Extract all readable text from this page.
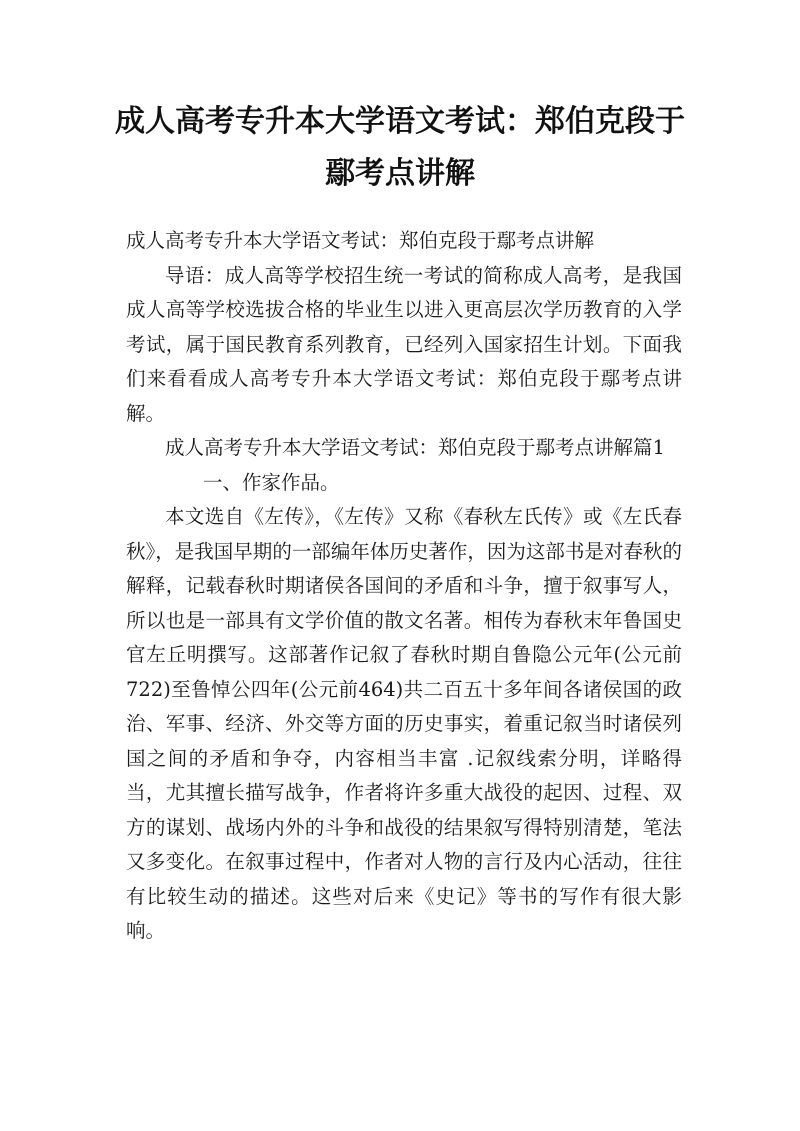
成人高考专升本大学语文考试：郑伯克段于
鄢考点讲解

成人高考专升本大学语文考试：郑伯克段于鄢考点讲解

导语：成人高等学校招生统一考试的简称成人高考，是我国成人高等学校选拔合格的毕业生以进入更高层次学历教育的入学考试，属于国民教育系列教育，已经列入国家招生计划。下面我们来看看成人高考专升本大学语文考试：郑伯克段于鄢考点讲解。

成人高考专升本大学语文考试：郑伯克段于鄢考点讲解篇1一、作家作品。

本文选自《左传》，《左传》又称《春秋左氏传》或《左氏春秋》，是我国早期的一部编年体历史著作，因为这部书是对春秋的解释，记载春秋时期诸侯各国间的矛盾和斗争，擅于叙事写人，所以也是一部具有文学价值的散文名著。相传为春秋末年鲁国史官左丘明撰写。这部著作记叙了春秋时期自鲁隐公元年(公元前722)至鲁悼公四年(公元前464)共二百五十多年间各诸侯国的政治、军事、经济、外交等方面的历史事实，着重记叙当时诸侯列国之间的矛盾和争夺，内容相当丰富 .记叙线索分明，详略得当，尤其擅长描写战争，作者将许多重大战役的起因、过程、双方的谋划、战场内外的斗争和战役的结果叙写得特别清楚，笔法又多变化。在叙事过程中，作者对人物的言行及内心活动，往往有比较生动的描述。这些对后来《史记》等书的写作有很大影响。
